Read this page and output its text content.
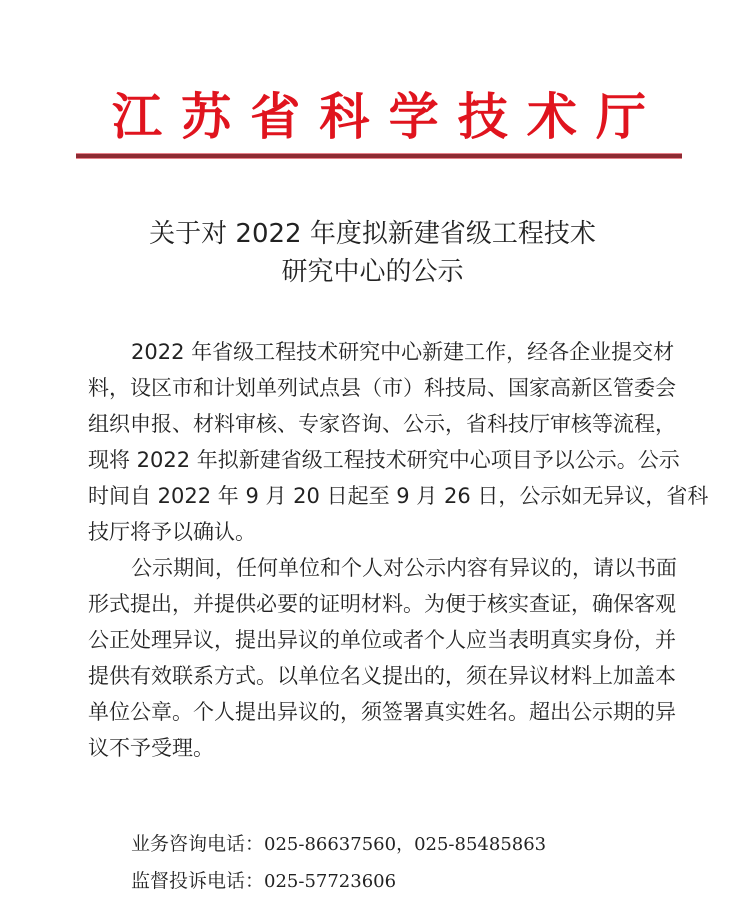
江 苏 省 科 学 技 术 厅
关于对 2022 年度拟新建省级工程技术
研究中心的公示
2022 年省级工程技术研究中心新建工作，经各企业提交材
料，设区市和计划单列试点县（市）科技局、国家高新区管委会
组织申报、材料审核、专家咨询、公示，省科技厅审核等流程，
现将 2022 年拟新建省级工程技术研究中心项目予以公示。公示
时间自 2022 年 9 月 20 日起至 9 月 26 日，公示如无异议，省科
技厅将予以确认。
公示期间，任何单位和个人对公示内容有异议的，请以书面
形式提出，并提供必要的证明材料。为便于核实查证，确保客观
公正处理异议，提出异议的单位或者个人应当表明真实身份，并
提供有效联系方式。以单位名义提出的，须在异议材料上加盖本
单位公章。个人提出异议的，须签署真实姓名。超出公示期的异
议不予受理。
业务咨询电话：025-86637560，025-85485863
监督投诉电话：025-57723606
